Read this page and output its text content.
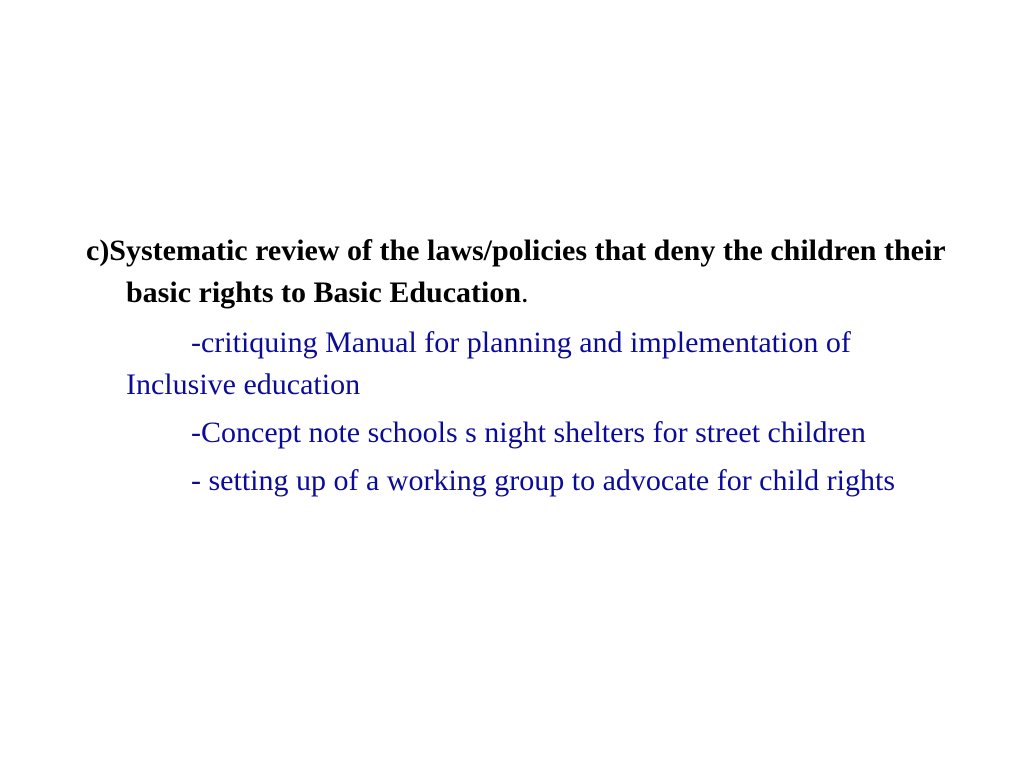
c)Systematic review of the laws/policies that deny the children their basic rights to Basic Education.

-critiquing Manual for planning and implementation of Inclusive education

-Concept note schools s night shelters for street children

- setting up of a working group to advocate for child rights
